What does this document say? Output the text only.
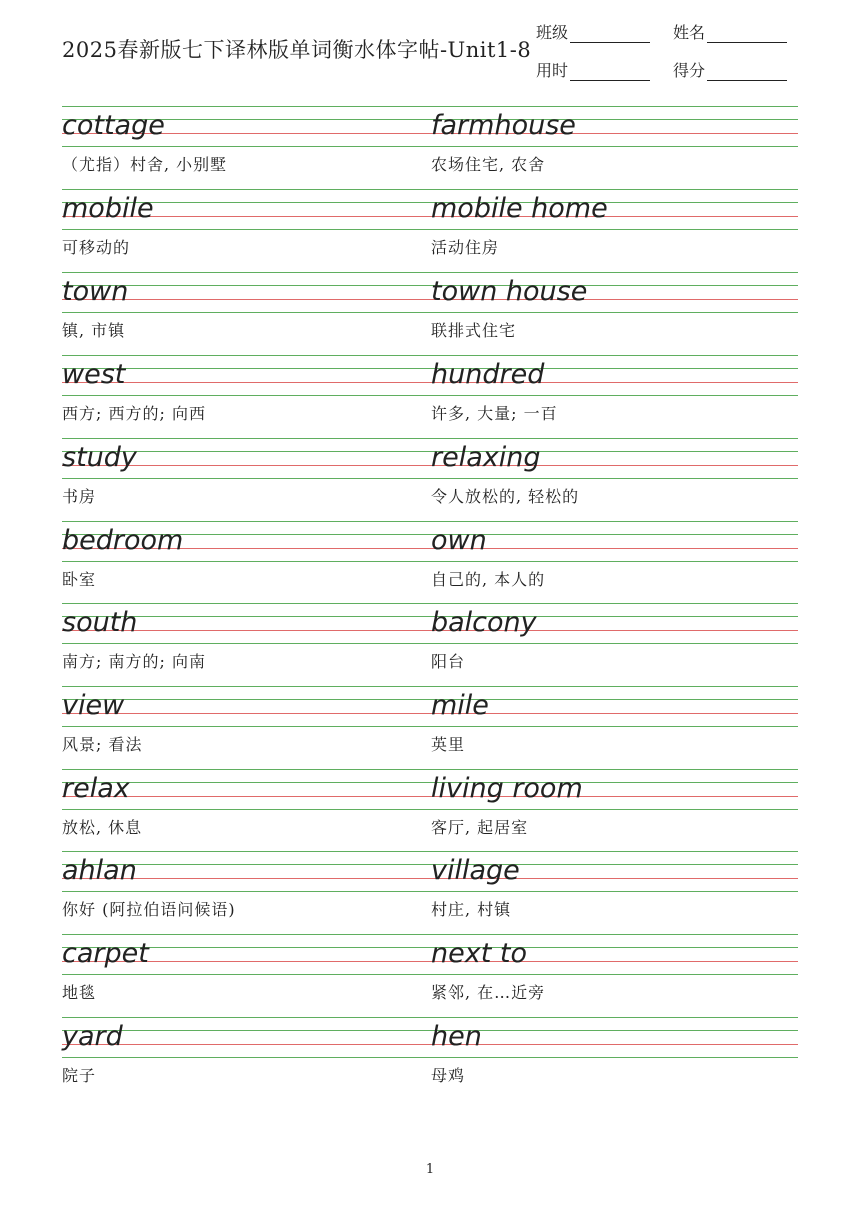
2025春新版七下译林版单词衡水体字帖-Unit1-8
班级	姓名
用时	得分
cottage	farmhouse
（尤指）村舍, 小别墅	农场住宅, 农舍
mobile	mobile home
可移动的	活动住房
town	town house
镇, 市镇	联排式住宅
west	hundred
西方; 西方的; 向西	许多, 大量; 一百
study	relaxing
书房	令人放松的, 轻松的
bedroom	own
卧室	自己的, 本人的
south	balcony
南方; 南方的; 向南	阳台
view	mile
风景; 看法	英里
relax	living room
放松, 休息	客厅, 起居室
ahlan	village
你好 (阿拉伯语问候语)	村庄, 村镇
carpet	next to
地毯	紧邻, 在…近旁
yard	hen
院子	母鸡
1
